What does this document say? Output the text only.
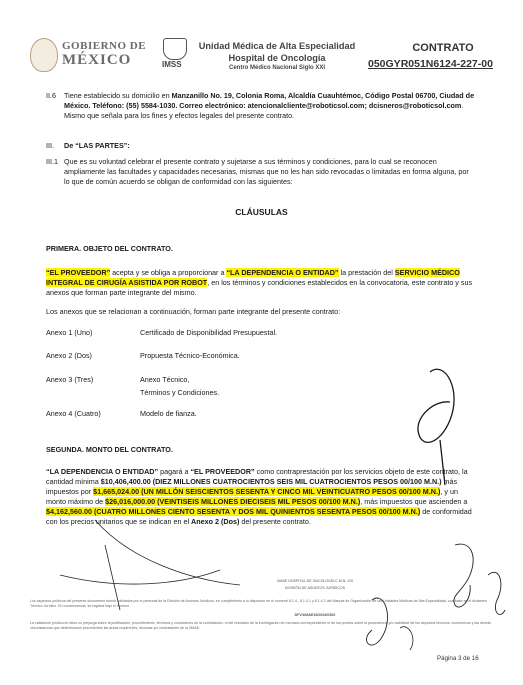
GOBIERNO DE
MÉXICO	IMSS
Unidad Médica de Alta Especialidad
Hospital de Oncología

Centro Médico Nacional Siglo XXI
CONTRATO
050GYR051N6124-227-00
II.6 Tiene establecido su domicilio en Manzanillo No. 19, Colonia Roma, Alcaldía Cuauhtémoc, Código Postal 06700, Ciudad de México. Teléfono: (55) 5584-1030. Correo electrónico: atencionalcliente@roboticsol.com; dcisneros@roboticsol.com. Mismo que señala para los fines y efectos legales del presente contrato.
III. De “LAS PARTES”:
III.1 Que es su voluntad celebrar el presente contrato y sujetarse a sus términos y condiciones, para lo cual se reconocen ampliamente las facultades y capacidades necesarias, mismas que no les han sido revocadas o limitadas en forma alguna, por lo que de común acuerdo se obligan de conformidad con las siguientes:
CLÁUSULAS
PRIMERA. OBJETO DEL CONTRATO.
“EL PROVEEDOR” acepta y se obliga a proporcionar a “LA DEPENDENCIA O ENTIDAD” la prestación del SERVICIO MÉDICO INTEGRAL DE CIRUGÍA ASISTIDA POR ROBOT, en los términos y condiciones establecidos en la convocatoria, este contrato y sus anexos que forman parte integrante del mismo.
Los anexos que se relacionan a continuación, forman parte integrante del presente contrato:
Anexo 1 (Uno)	Certificado de Disponibilidad Presupuestal.
Anexo 2 (Dos)	Propuesta Técnico-Económica.
Anexo 3 (Tres)	Anexo Técnico,
Términos y Condiciones.
Anexo 4 (Cuatro)	Modelo de fianza.
SEGUNDA. MONTO DEL CONTRATO.
“LA DEPENDENCIA O ENTIDAD” pagará a “EL PROVEEDOR” como contraprestación por los servicios objeto de este contrato, la cantidad mínima $10,406,400.00 (DIEZ MILLONES CUATROCIENTOS SEIS MIL CUATROCIENTOS PESOS 00/100 M.N.) más impuestos por $1,665,024.00 (UN MILLÓN SEISCIENTOS SESENTA Y CINCO MIL VEINTICUATRO PESOS 00/100 M.N.), y un monto máximo de $26,016,000.00 (VEINTISEIS MILLONES DIECISEIS MIL PESOS 00/100 M.N.), más impuestos que ascienden a $4,162,560.00 (CUATRO MILLONES CIENTO SESENTA Y DOS MIL QUINIENTOS SESENTA PESOS 00/100 M.N.) de conformidad con los precios unitarios que se indican en el Anexo 2 (Dos) del presente contrato.
UMAE HOSPITAL DE ONCOLOGÍA C.M.N. XXI
DIVISIÓN DE ASUNTOS JURÍDICOS
Los aspectos jurídicos del presente documento fueron validados por el personal de la División de Asuntos Jurídicos, en cumplimiento a lo dispuesto en el numeral 8.1.4., 8.1.4.1 y 8.1.4.2 del Manual de Organización de las Unidades Médicas de Alta Especialidad, con base en el dictamen Técnico Jurídico. En consecuencia, se registra bajo el número
DFV/UMAE15/2024/0352
La validación jurídica en ellos no prejuzga sobre la justificación, procedimiento, términos y condiciones de la contratación, ni del resultado de la investigación de mercado correspondiente ni de los precios sobre la procedencia y/o viabilidad de los aspectos técnicos, económicos y las demás circunstancias que determinaron procedentes las áreas requirentes, técnicas y/o contratantes de la UMAE.
Página 3 de 16
